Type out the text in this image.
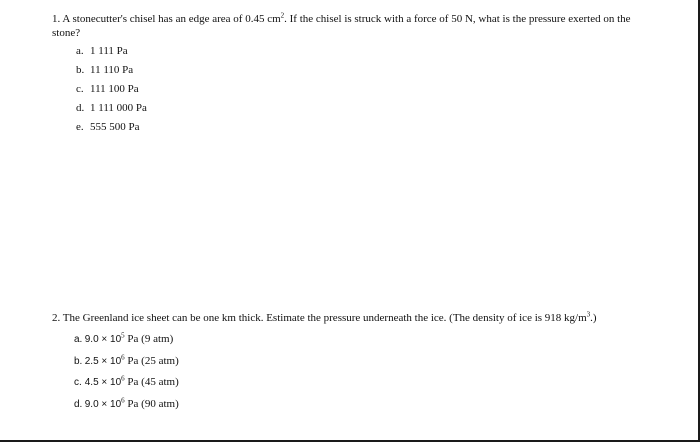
1. A stonecutter's chisel has an edge area of 0.45 $cm^2$. If the chisel is struck with a force of 50 N, what is the pressure exerted on the stone?

a. 1 111 Pa
b. 11 110 Pa
c. 111 100 Pa
d. 1 111 000 Pa
e. 555 500 Pa

2. The Greenland ice sheet can be one km thick. Estimate the pressure underneath the ice. (The density of ice is 918 $kg/m^3$.)

a. $9.0 \times 10^5$ Pa (9 atm)
b. $2.5 \times 10^6$ Pa (25 atm)
c. $4.5 \times 10^6$ Pa (45 atm)
d. $9.0 \times 10^6$ Pa (90 atm)
